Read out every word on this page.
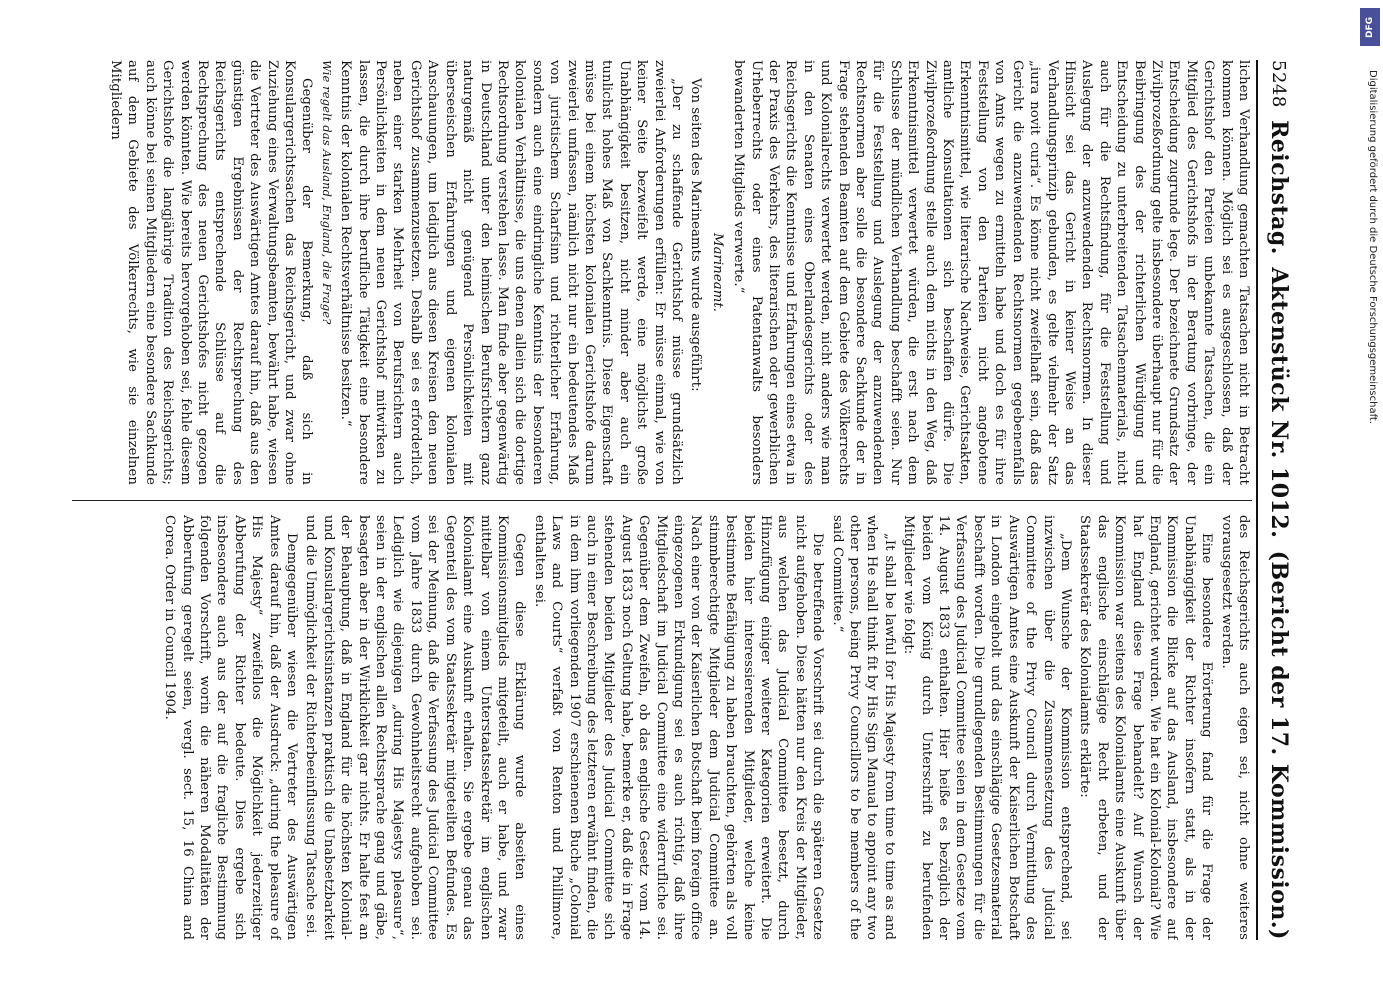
5248
Reichstag.
Aktenstück Nr. 1012.
(Bericht der 17. Kommission.)

lichen Verhandlung gemachten Tatsachen nicht in Betracht kommen können. Möglich sei es ausgeschlossen, daß der Gerichtshof den Parteien unbekannte Tatsachen, die ein Mitglied des Gerichtshofs in der Beratung vorbringe, der Entscheidung zugrunde lege. Der bezeichnete Grundsatz der Zivilprozeßordnung gelte insbesondere überhaupt nur für die Beibringung des der richterlichen Würdigung und Entscheidung zu unterbreitenden Tatsachenmaterials, nicht auch für die Rechtsfindung, für die Feststellung und Auslegung der anzuwendenden Rechtsnormen. In dieser Hinsicht sei das Gericht in keiner Weise an das Verhandlungsprinzip gebunden, es gelte vielmehr der Satz „iura novit curia“. Es könne nicht zweifelhaft sein, daß das Gericht die anzuwendenden Rechtsnormen gegebenenfalls von Amts wegen zu ermitteln habe und doch es für ihre Feststellung von den Parteien nicht angebotene Erkenntnismittel, wie literarische Nachweise, Gerichtsakten, amtliche Konsultationen sich beschaffen dürfe. Die Zivilprozeßordnung stelle auch dem nichts in den Weg, daß Erkenntnismittel verwertet würden, die erst nach dem Schlusse der mündlichen Verhandlung beschafft seien. Nur für die Feststellung und Auslegung der anzuwendenden Rechtsnormen aber solle die besondere Sachkunde der in Frage stehenden Beamten auf dem Gebiete des Völkerrechts und Kolonialrechts verwertet werden, nicht anders wie man in den Senaten eines Oberlandesgerichts oder des Reichsgerichts die Kenntnisse und Erfahrungen eines etwa in der Praxis des Verkehrs, des literarischen oder gewerblichen Urheberrechts oder eines Patentanwalts besonders bewanderten Mitglieds verwerte.“

Marineamt.

Von seiten des Marineamts wurde ausgeführt:

„Der zu schaffende Gerichtshof müsse grundsätzlich zweierlei Anforderungen erfüllen: Er müsse einmal, wie von keiner Seite bezweifelt werde, eine möglichst große Unabhängigkeit besitzen, nicht minder aber auch ein tunlichst hohes Maß von Sachkenntnis. Diese Eigenschaft müsse bei einem höchsten kolonialen Gerichtshofe darum zweierlei umfassen, nämlich nicht nur ein bedeutendes Maß von juristischem Scharfsinn und richterlicher Erfahrung, sondern auch eine eindringliche Kenntnis der besonderen kolonialen Verhältnisse, die uns denen allein sich die dortige Rechtsordnung verstehen lasse. Man finde aber gegenwärtig in Deutschland unter den heimischen Berufsrichtern ganz naturgemäß nicht genügend Persönlichkeiten mit überseeischen Erfahrungen und eigenen kolonialen Anschauungen, um lediglich aus diesen Kreisen den neuen Gerichtshof zusammenzusetzen. Deshalb sei es erforderlich, neben einer starken Mehrheit von Berufsrichtern auch Persönlichkeiten in dem neuen Gerichtshof mitwirken zu lassen, die durch ihre berufliche Tätigkeit eine besondere Kenntnis der kolonialen Rechtsverhältnisse besitzen.“

Wie regelt das Ausland, England, die Frage?

Gegenüber der Bemerkung, daß sich in Konsulargerichtssachen das Reichsgericht, und zwar ohne Zuziehung eines Verwaltungsbeamten, bewährt habe, wiesen die Vertreter des Auswärtigen Amtes darauf hin, daß aus den günstigen Ergebnissen der Rechtsprechung des Reichsgerichts entsprechende Schlüsse auf die Rechtsprechung des neuen Gerichtshofes nicht gezogen werden könnten. Wie bereits hervorgehoben sei, fehle diesem Gerichtshofe die langjährige Tradition des Reichsgerichts; auch könne bei seinen Mitgliedern eine besondere Sachkunde auf dem Gebiete des Völkerrechts, wie sie einzelnen Mitgliedern

des Reichsgerichts auch eigen sei, nicht ohne weiteres vorausgesetzt werden.

Eine besondere Erörterung fand für die Frage der Unabhängigkeit der Richter insofern statt, als in der Kommission die Blicke auf das Ausland, insbesondere auf England, gerichtet wurden. Wie hat ein Kolonial-Kolonial? Wie hat England diese Frage behandelt? Auf Wunsch der Kommission war seitens des Kolonialamts eine Auskunft über das englische einschlägige Recht erbeten, und der Staatssekretär des Kolonialamts erklärte:

„Dem Wunsche der Kommission entsprechend, sei inzwischen über die Zusammensetzung des Judicial Committee of the Privy Council durch Vermittlung des Auswärtigen Amtes eine Auskunft der Kaiserlichen Botschaft in London eingeholt und das einschlägige Gesetzesmaterial beschafft worden. Die grundlegenden Bestimmungen für die Verfassung des Judicial Committee seien in dem Gesetze vom 14. August 1833 enthalten. Hier heiße es bezüglich der beiden vom König durch Unterschrift zu berufenden Mitglieder wie folgt:

„It shall be lawful for His Majesty from time to time as and when He shall think fit by His Sign Manual to appoint any two other persons, being Privy Councillors to be members of the said Committee.“

Die betreffende Vorschrift sei durch die späteren Gesetze nicht aufgehoben. Diese hätten nur den Kreis der Mitglieder, aus welchen das Judicial Committee besetzt, durch Hinzufügung einiger weiterer Kategorien erweitert. Die beiden hier interessierenden Mitglieder, welche keine bestimmte Befähigung zu haben brauchten, gehörten als voll stimmberechtigte Mitglieder dem Judicial Committee an. Nach einer von der Kaiserlichen Botschaft beim foreign office eingezogenen Erkundigung sei es auch richtig, daß ihre Mitgliedschaft im Judicial Committee eine widerrufliche sei. Gegenüber dem Zweifeln, ob das englische Gesetz vom 14. August 1833 noch Geltung habe, bemerke er, daß die in Frage stehenden beiden Mitglieder des Judicial Committee sich auch in einer Beschreibung des letzteren erwähnt finden, die in dem ihm vorliegenden 1907 erschienenen Buche „Colonial Laws and Courts“ verfaßt von Renton und Phillimore, enthalten sei.

Gegen diese Erklärung wurde abseiten eines Kommissionsmitglieds mitgeteilt, auch er habe, und zwar mittelbar von einem Unterstaatssekretär im englischen Kolonialamt eine Auskunft erhalten. Sie ergebe genau das Gegenteil des vom Staatssekretär mitgeteilten Befundes. Es sei der Meinung, daß die Verfassung des Judicial Committee vom Jahre 1833 durch Gewohnheitsrecht aufgehoben sei. Lediglich wie diejenigen „during His Majestys pleasure“, seien in der englischen allen Rechtssprache gang und gäbe, besagten aber in der Wirklichkeit gar nichts. Er halte fest an der Behauptung, daß in England für die höchsten Kolonial- und Konsulargerichtsinstanzen praktisch die Unabsetzbarkeit und die Unmöglichkeit der Richterbeeinflussung Tatsache sei.

Demgegenüber wiesen die Vertreter des Auswärtigen Amtes darauf hin, daß der Ausdruck: „during the pleasure of His Majesty“ zweifellos die Möglichkeit jederzeitiger Abberufung der Richter bedeute. Dies ergebe sich insbesondere auch aus der auf die fragliche Bestimmung folgenden Vorschrift, worin die näheren Modalitäten der Abberufung geregelt seien, vergl. sect. 15, 16 China and Corea. Order in Council 1904.

DFG
Digitalisierung gefördert durch die Deutsche Forschungsgemeinschaft.
